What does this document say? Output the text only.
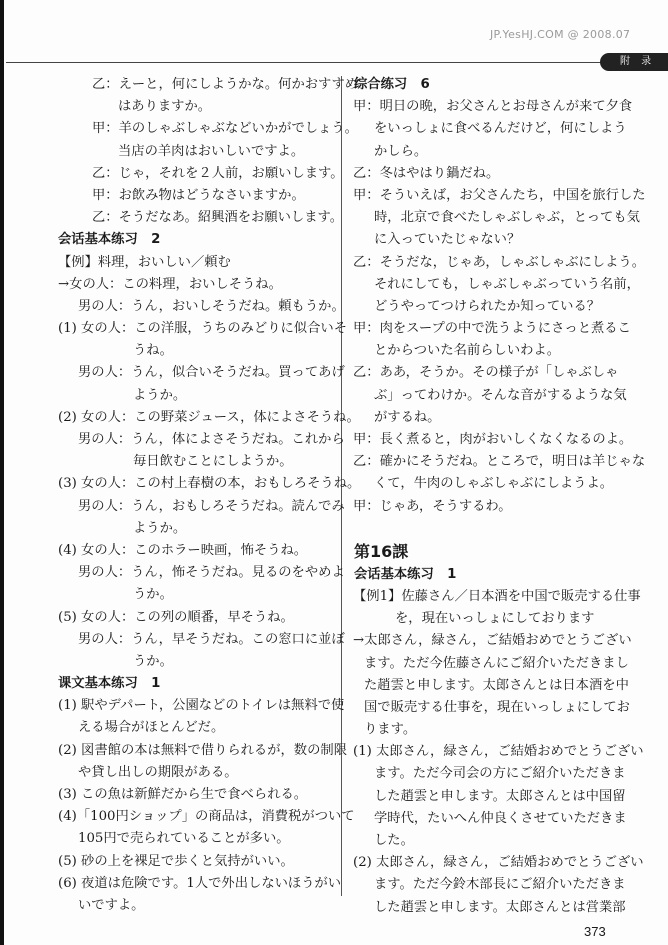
JP.YesHJ.COM @ 2008.07
附 录
乙：えーと，何にしようかな。何かおすすめ
はありますか。
甲：羊のしゃぶしゃぶなどいかがでしょう。
当店の羊肉はおいしいですよ。
乙：じゃ，それを２人前，お願いします。
甲：お飲み物はどうなさいますか。
乙：そうだなあ。紹興酒をお願いします。
会话基本练习　2
【例】料理，おいしい／頼む
→女の人：この料理，おいしそうね。
男の人：うん，おいしそうだね。頼もうか。
(1) 女の人：この洋服，うちのみどりに似合いそ
うね。
男の人：うん，似合いそうだね。買ってあげ
ようか。
(2) 女の人：この野菜ジュース，体によさそうね。
男の人：うん，体によさそうだね。これから
毎日飲むことにしようか。
(3) 女の人：この村上春樹の本，おもしろそうね。
男の人：うん，おもしろそうだね。読んでみ
ようか。
(4) 女の人：このホラー映画，怖そうね。
男の人：うん，怖そうだね。見るのをやめよ
うか。
(5) 女の人：この列の順番，早そうね。
男の人：うん，早そうだね。この窓口に並ぼ
うか。
课文基本练习　1
(1) 駅やデパート，公園などのトイレは無料で使
える場合がほとんどだ。
(2) 図書館の本は無料で借りられるが，数の制限
や貸し出しの期限がある。
(3) この魚は新鮮だから生で食べられる。
(4)「100円ショップ」の商品は，消費税がついて
105円で売られていることが多い。
(5) 砂の上を裸足で歩くと気持がいい。
(6) 夜道は危険です。1人で外出しないほうがい
いですよ。
综合练习　6
甲：明日の晩，お父さんとお母さんが来て夕食
をいっしょに食べるんだけど，何にしよう
かしら。
乙：冬はやはり鍋だね。
甲：そういえば，お父さんたち，中国を旅行した
時，北京で食べたしゃぶしゃぶ，とっても気
に入っていたじゃない？
乙：そうだな，じゃあ，しゃぶしゃぶにしよう。
それにしても，しゃぶしゃぶっていう名前，
どうやってつけられたか知っている？
甲：肉をスープの中で洗うようにさっと煮るこ
とからついた名前らしいわよ。
乙：ああ，そうか。その様子が「しゃぶしゃ
ぶ」ってわけか。そんな音がするような気
がするね。
甲：長く煮ると，肉がおいしくなくなるのよ。
乙：確かにそうだね。ところで，明日は羊じゃな
くて，牛肉のしゃぶしゃぶにしようよ。
甲：じゃあ，そうするわ。
第16課
会话基本练习　1
【例1】佐藤さん／日本酒を中国で販売する仕事
を，現在いっしょにしております
→太郎さん，緑さん，ご結婚おめでとうござい
ます。ただ今佐藤さんにご紹介いただきまし
た趙雲と申します。太郎さんとは日本酒を中
国で販売する仕事を，現在いっしょにしてお
ります。
(1) 太郎さん，緑さん，ご結婚おめでとうござい
ます。ただ今司会の方にご紹介いただきま
した趙雲と申します。太郎さんとは中国留
学時代，たいへん仲良くさせていただきま
した。
(2) 太郎さん，緑さん，ご結婚おめでとうござい
ます。ただ今鈴木部長にご紹介いただきま
した趙雲と申します。太郎さんとは営業部
373
